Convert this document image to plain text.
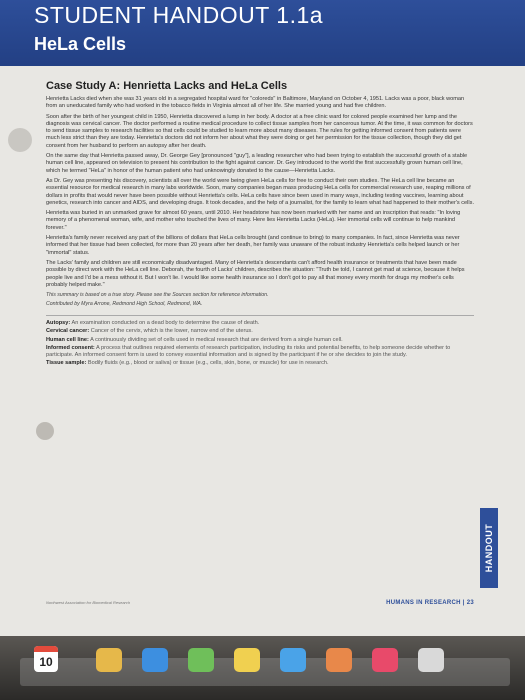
STUDENT HANDOUT 1.1a
HeLa Cells
Case Study A: Henrietta Lacks and HeLa Cells

Henrietta Lacks died when she was 31 years old in a segregated hospital ward for "coloreds" in Baltimore, Maryland on October 4, 1951. Lacks was a poor, black woman from an uneducated family who had worked in the tobacco fields in Virginia almost all of her life. She married young and had five children.

Soon after the birth of her youngest child in 1950, Henrietta discovered a lump in her body. A doctor at a free clinic ward for colored people examined her lump and the diagnosis was cervical cancer. The doctor performed a routine medical procedure to collect tissue samples from her cancerous tumor. At the time, it was common for doctors to send tissue samples to research facilities so that cells could be studied to learn more about many diseases. The rules for getting informed consent from patients were much less strict than they are today. Henrietta's doctors did not inform her about what they were doing or get her permission for the tissue collection, though they did get consent from her husband to perform an autopsy after her death.

On the same day that Henrietta passed away, Dr. George Gey [pronounced "guy"], a leading researcher who had been trying to establish the successful growth of a stable human cell line, appeared on television to present his contribution to the fight against cancer. Dr. Gey introduced to the world the first successfully grown human cell line, which he termed "HeLa" in honor of the human patient who had unknowingly donated to the cause—Henrietta Lacks.

As Dr. Gey was presenting his discovery, scientists all over the world were being given HeLa cells for free to conduct their own studies. The HeLa cell line became an essential resource for medical research in many labs worldwide. Soon, many companies began mass producing HeLa cells for commercial research use, reaping millions of dollars in profits that would never have been possible without Henrietta's cells. HeLa cells have since been used in many ways, including testing vaccines, learning about genetics, research into cancer and AIDS, and developing drugs. It took decades, and the help of a journalist, for the family to learn what had happened to their mother's cells.

Henrietta was buried in an unmarked grave for almost 60 years, until 2010. Her headstone has now been marked with her name and an inscription that reads: "In loving memory of a phenomenal woman, wife, and mother who touched the lives of many. Here lies Henrietta Lacks (HeLa). Her immortal cells will continue to help mankind forever."

Henrietta's family never received any part of the billions of dollars that HeLa cells brought (and continue to bring) to many companies. In fact, since Henrietta was never informed that her tissue had been collected, for more than 20 years after her death, her family was unaware of the robust industry Henrietta's cells helped launch or her "immortal" status.

The Lacks' family and children are still economically disadvantaged. Many of Henrietta's descendants can't afford health insurance or treatments that have been made possible by direct work with the HeLa cell line. Deborah, the fourth of Lacks' children, describes the situation: "Truth be told, I cannot get mad at science, because it helps people live and I'd be a mess without it. But I won't lie. I would like some health insurance so I don't got to pay all that money every month for drugs my mother's cells probably helped make."

This summary is based on a true story. Please see the Sources section for reference information.

Contributed by Myra Arrone, Redmond High School, Redmond, WA.

Autopsy: An examination conducted on a dead body to determine the cause of death.

Cervical cancer: Cancer of the cervix, which is the lower, narrow end of the uterus.

Human cell line: A continuously dividing set of cells used in medical research that are derived from a single human cell.

Informed consent: A process that outlines required elements of research participation, including its risks and potential benefits, to help someone decide whether to participate. An informed consent form is used to convey essential information and is signed by the participant if he or she decides to join the study.

Tissue sample: Bodily fluids (e.g., blood or saliva) or tissue (e.g., cells, skin, bone, or muscle) for use in research.

HANDOUT
Northwest Association for Biomedical Research	HUMANS IN RESEARCH | 23
10
